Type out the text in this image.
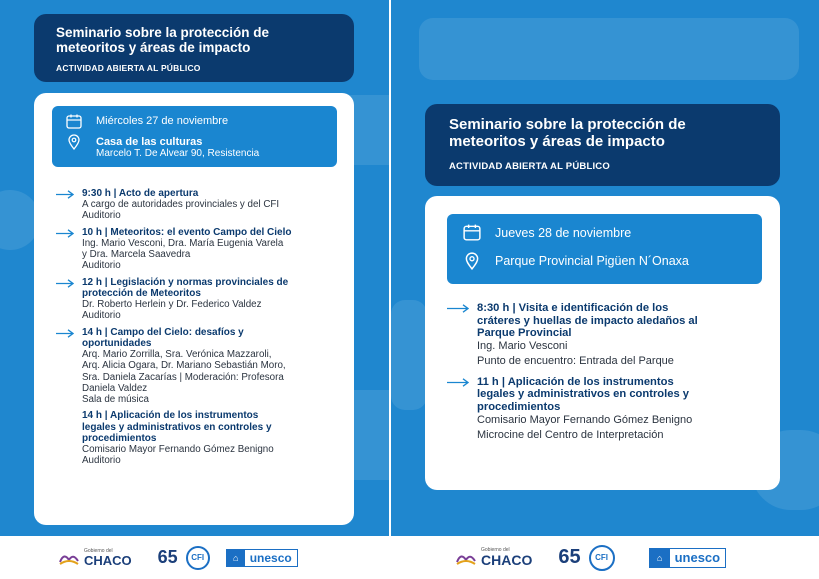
Seminario sobre la protección de
meteoritos y áreas de impacto
ACTIVIDAD ABIERTA AL PÚBLICO
Miércoles 27 de noviembre
Casa de las culturas
Marcelo T. De Alvear 90, Resistencia
9:30 h | Acto de apertura
A cargo de autoridades provinciales y del CFI
Auditorio
10 h | Meteoritos: el evento Campo del Cielo
Ing. Mario Vesconi, Dra. María Eugenia Varela
y Dra. Marcela Saavedra
Auditorio
12 h | Legislación y normas provinciales de
protección de Meteoritos
Dr. Roberto Herlein y Dr. Federico Valdez
Auditorio
14 h | Campo del Cielo: desafíos y
oportunidades
Arq. Mario Zorrilla, Sra. Verónica Mazzaroli,
Arq. Alicia Ogara, Dr. Mariano Sebastián Moro,
Sra. Daniela Zacarías | Moderación: Profesora
Daniela Valdez
Sala de música
14 h | Aplicación de los instrumentos
legales y administrativos en controles y
procedimientos
Comisario Mayor Fernando Gómez Benigno
Auditorio
Gobierno del
CHACO 65	CFI	⌂ unesco
Seminario sobre la protección de
meteoritos y áreas de impacto
ACTIVIDAD ABIERTA AL PÚBLICO
Jueves 28 de noviembre
Parque Provincial Pigüen N´Onaxa
8:30 h | Visita e identificación de los
cráteres y huellas de impacto aledaños al
Parque Provincial
Ing. Mario Vesconi
Punto de encuentro: Entrada del Parque
11 h | Aplicación de los instrumentos
legales y administrativos en controles y
procedimientos
Comisario Mayor Fernando Gómez Benigno
Microcine del Centro de Interpretación
Gobierno del
CHACO 65	CFI	⌂ unesco
